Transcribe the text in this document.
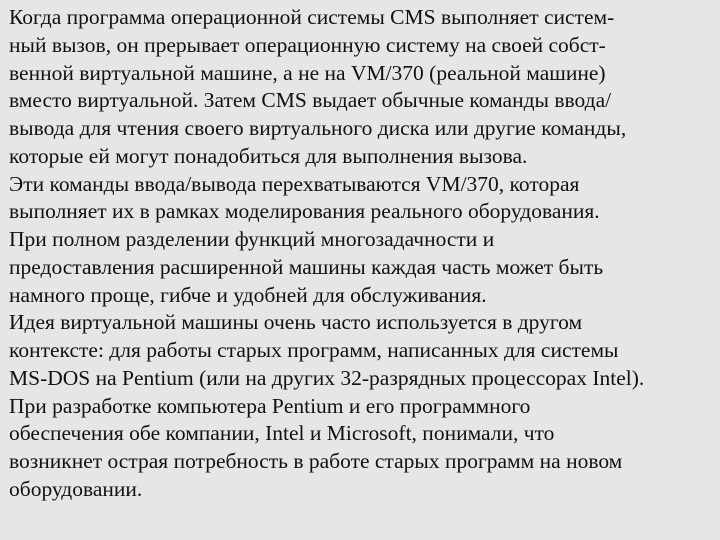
Когда программа операционной системы CMS выполняет систем-
ный вызов, он прерывает операционную систему на своей собст-
венной виртуальной машине, а не на VM/370 (реальной машине)
вместо виртуальной. Затем CMS выдает обычные команды ввода/
вывода для чтения своего виртуального диска или другие команды,
которые ей могут понадобиться для выполнения вызова.
Эти команды ввода/вывода перехватываются VM/370, которая
выполняет их в рамках моделирования реального оборудования.
При полном разделении функций многозадачности и
предоставления расширенной машины каждая часть может быть
намного проще, гибче и удобней для обслуживания.
Идея виртуальной машины очень часто используется в другом
контексте: для работы старых программ, написанных для системы
MS-DOS на Pentium (или на других 32-разрядных процессорах Intel).
При разработке компьютера Pentium и его программного
обеспечения обе компании, Intel и Microsoft, понимали, что
возникнет острая потребность в работе старых программ на новом
оборудовании.
